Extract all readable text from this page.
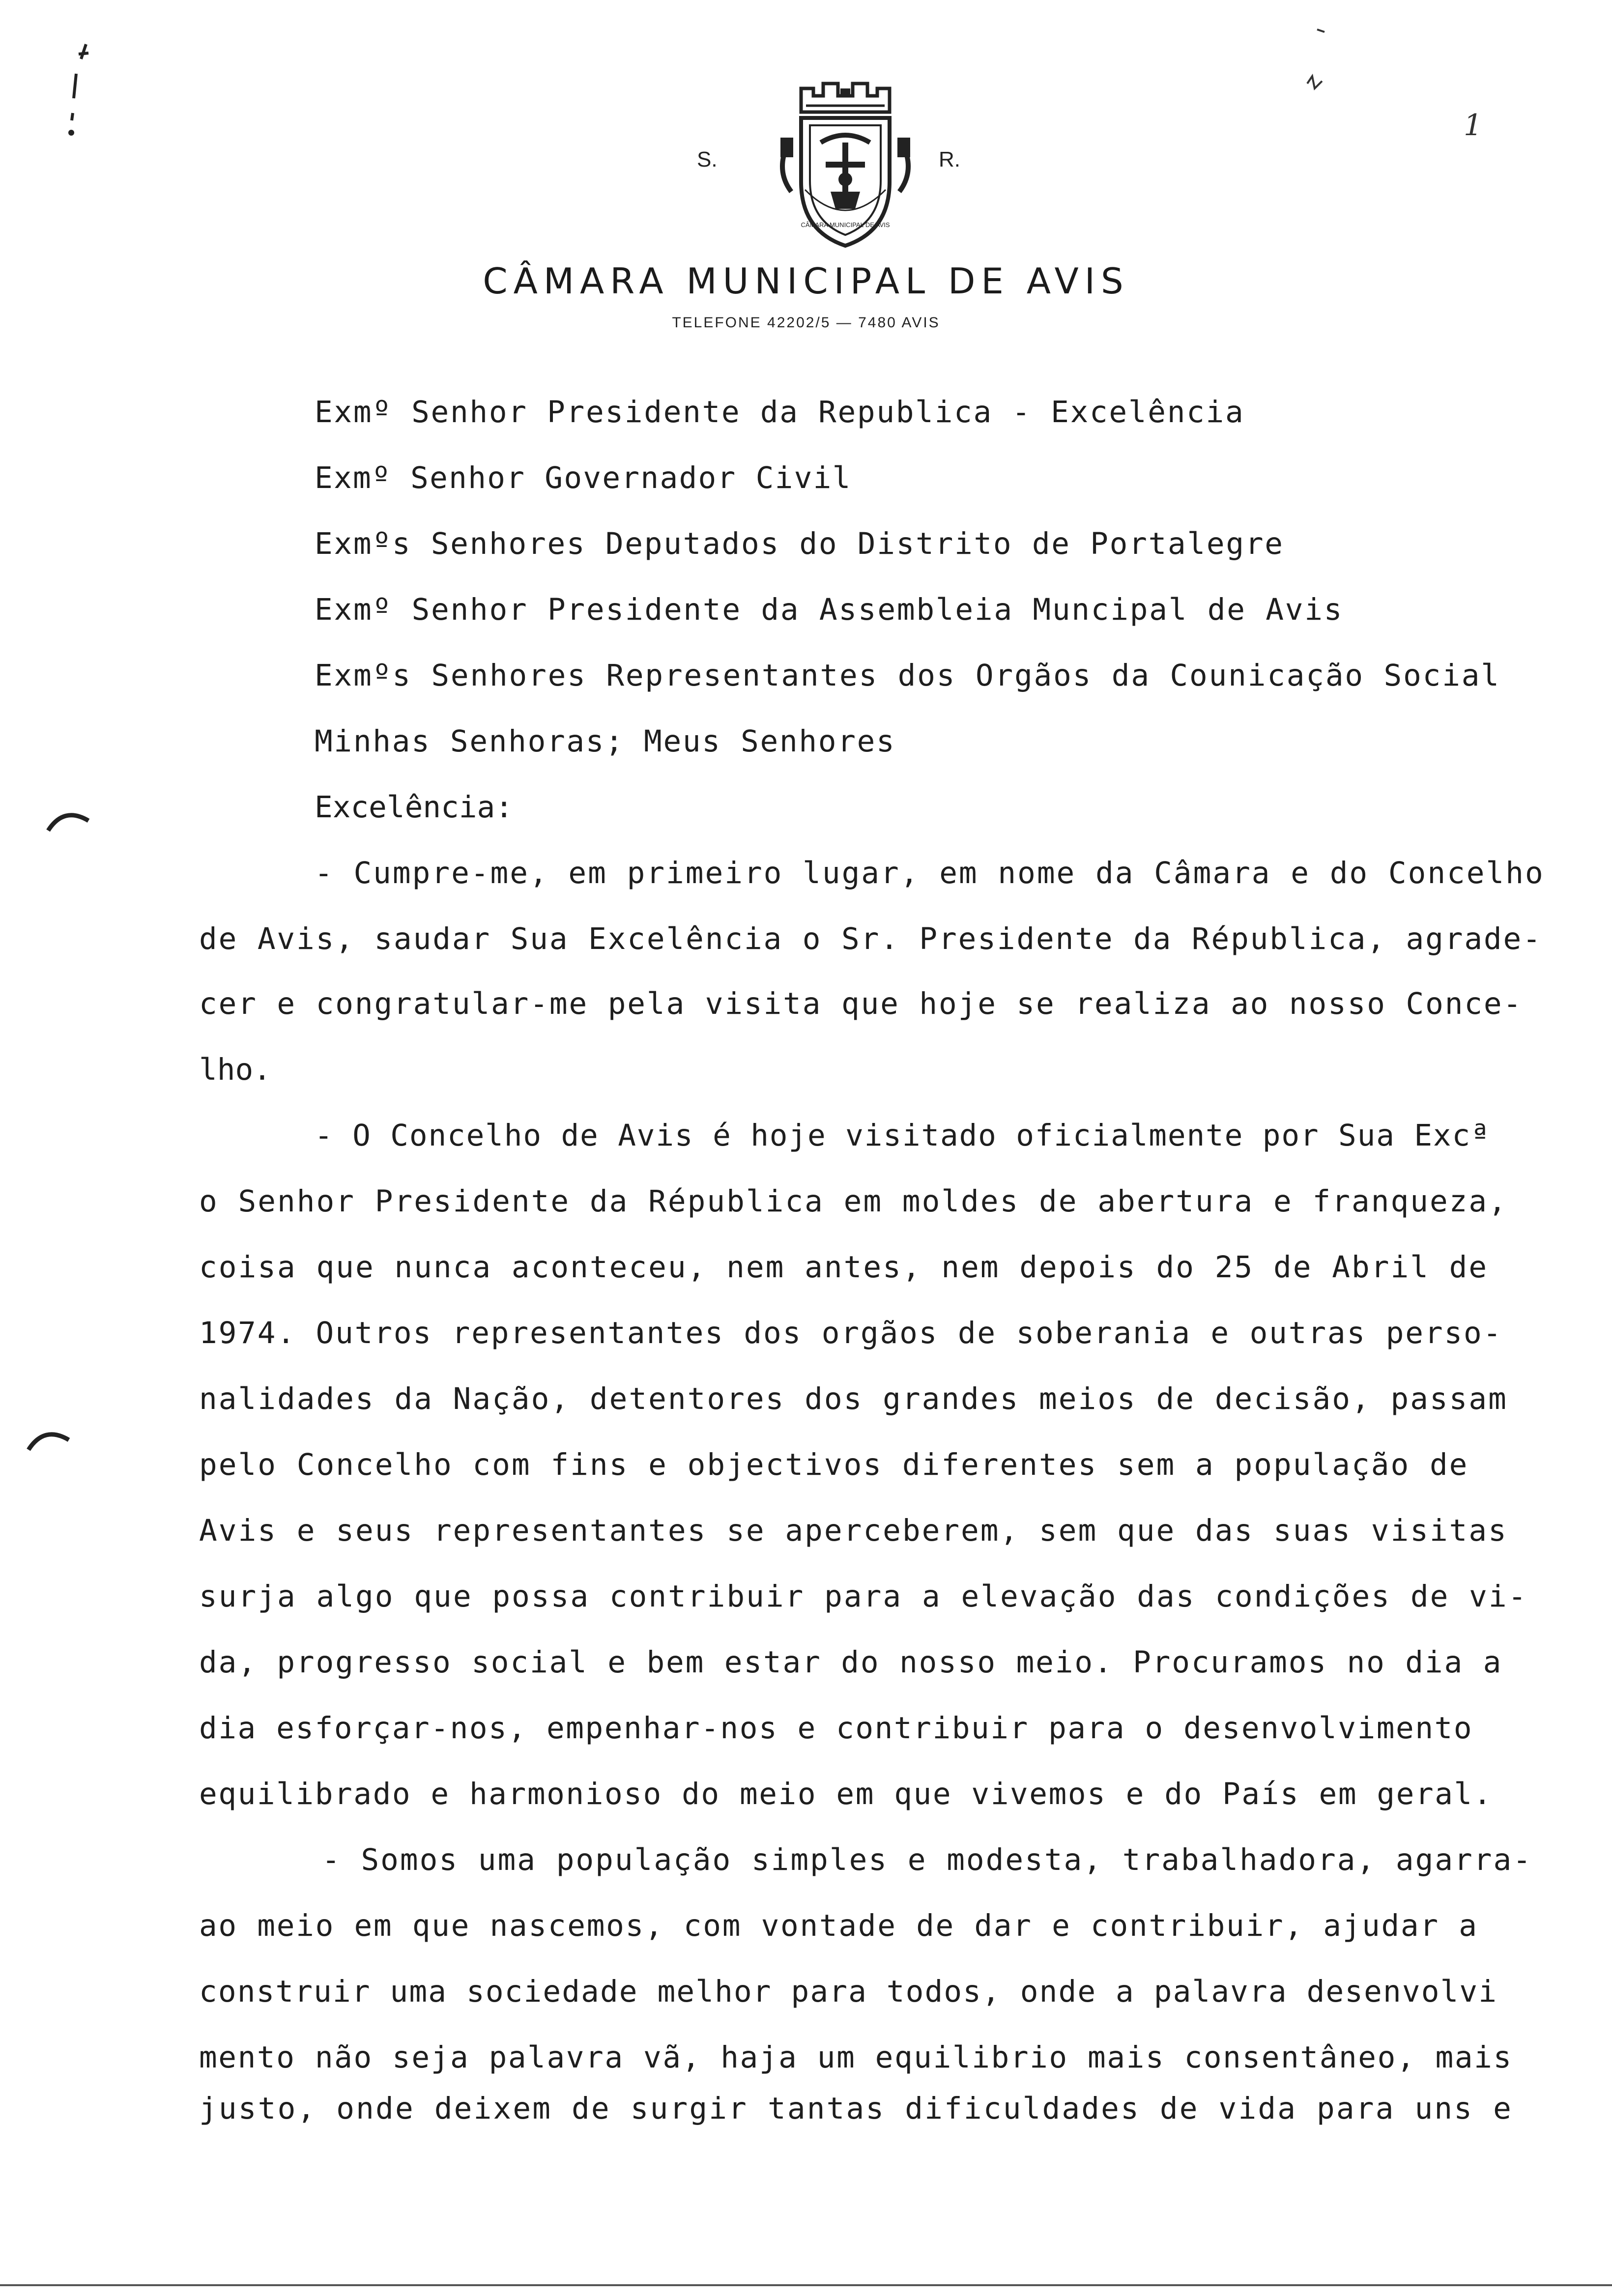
S.	R.
CÂMARA MUNICIPAL DE AVIS
CÂMARA MUNICIPAL DE AVIS
TELEFONE 42202/5 — 7480 AVIS
1
Exmº Senhor Presidente da Republica - Excelência
Exmº Senhor Governador Civil
Exmºs Senhores Deputados do Distrito de Portalegre
Exmº Senhor Presidente da Assembleia Muncipal de Avis
Exmºs Senhores Representantes dos Orgãos da Counicação Social
Minhas Senhoras; Meus Senhores
Excelência:
- Cumpre-me, em primeiro lugar, em nome da Câmara e do Concelho
de Avis, saudar Sua Excelência o Sr. Presidente da Républica, agrade-
cer e congratular-me pela visita que hoje se realiza ao nosso Conce-
lho.
- O Concelho de Avis é hoje visitado oficialmente por Sua Excª
o Senhor Presidente da Républica em moldes de abertura e franqueza,
coisa que nunca aconteceu, nem antes, nem depois do 25 de Abril de
1974. Outros representantes dos orgãos de soberania e outras perso-
nalidades da Nação, detentores dos grandes meios de decisão, passam
pelo Concelho com fins e objectivos diferentes sem a população de
Avis e seus representantes se aperceberem, sem que das suas visitas
surja algo que possa contribuir para a elevação das condições de vi-
da, progresso social e bem estar do nosso meio. Procuramos no dia a
dia esforçar-nos, empenhar-nos e contribuir para o desenvolvimento
equilibrado e harmonioso do meio em que vivemos e do País em geral.
- Somos uma população simples e modesta, trabalhadora, agarra-
ao meio em que nascemos, com vontade de dar e contribuir, ajudar a
construir uma sociedade melhor para todos, onde a palavra desenvolvi
mento não seja palavra vã, haja um equilibrio mais consentâneo, mais
justo, onde deixem de surgir tantas dificuldades de vida para uns e
